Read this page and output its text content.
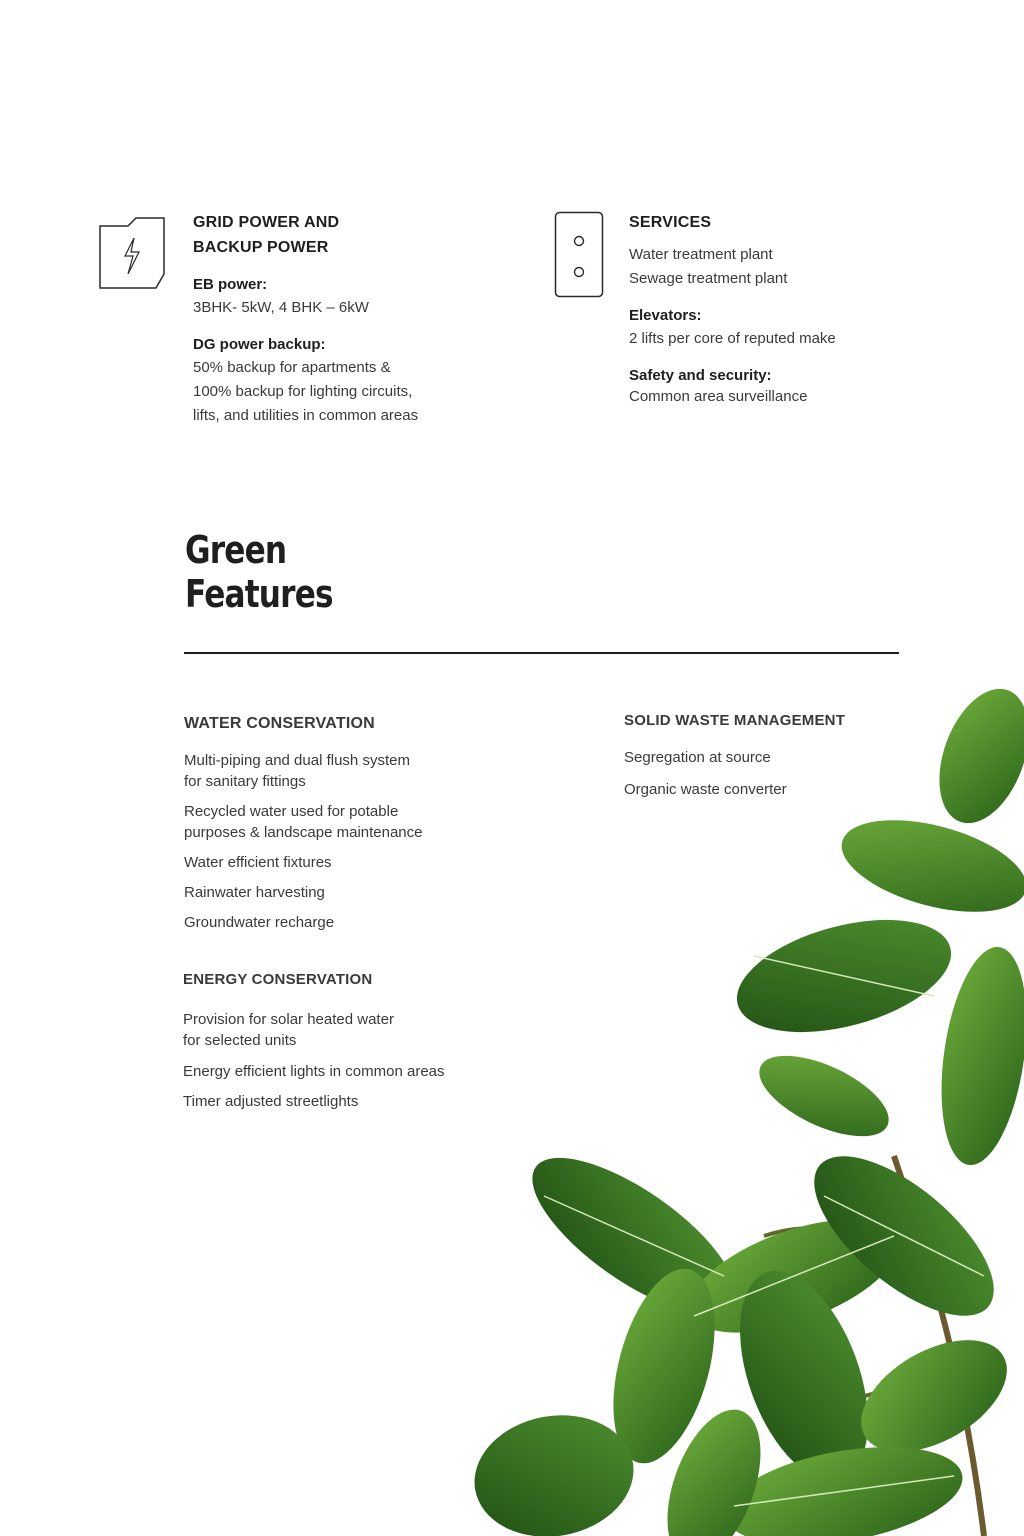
GRID POWER AND

BACKUP POWER

EB power:

3BHK- 5kW, 4 BHK – 6kW

DG power backup:

50% backup for apartments &

100% backup for lighting circuits,

lifts, and utilities in common areas

SERVICES

Water treatment plant

Sewage treatment plant

Elevators:

2 lifts per core of reputed make

Safety and security:

Common area surveillance

Green
Features

WATER CONSERVATION

Multi-piping and dual flush system

for sanitary fittings

Recycled water used for potable

purposes & landscape maintenance

Water efficient fixtures

Rainwater harvesting

Groundwater recharge

SOLID WASTE MANAGEMENT

Segregation at source

Organic waste converter

ENERGY CONSERVATION

Provision for solar heated water

for selected units

Energy efficient lights in common areas

Timer adjusted streetlights
